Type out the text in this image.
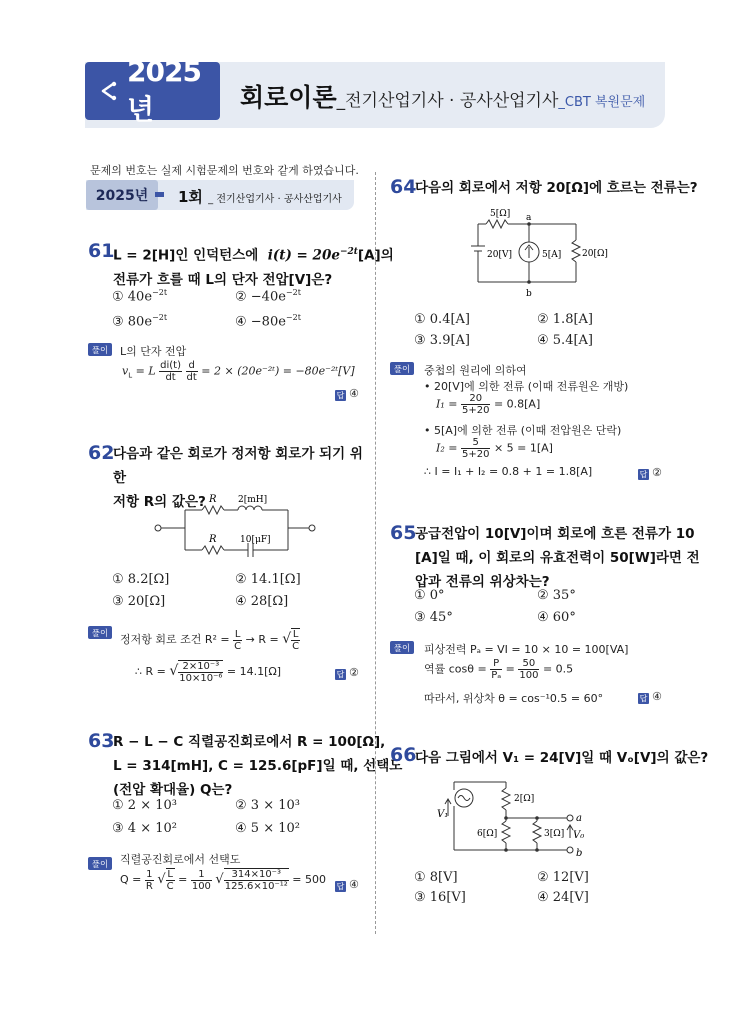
2025년	회로이론_전기산업기사 · 공사산업기사_CBT 복원문제
문제의 번호는 실제 시험문제의 번호와 같게 하였습니다.
2025년	1회 _ 전기산업기사 · 공사산업기사
61
L = 2[H]인 인덕턴스에 $i(t) = 20e^{-2t}[A]$의
전류가 흐를 때 L의 단자 전압[V]은?
① $40e^{-2t}$	② $-40e^{-2t}$
③ $80e^{-2t}$	④ $-80e^{-2t}$
풀이	L의 단자 전압
$v_L = L \frac{di(t)}{dt}$
$\frac{d}{dt} = 2$ × (20e⁻²ᵗ) = −80e⁻²ᵗ[V]
답 ④
62
다음과 같은 회로가 정저항 회로가 되기 위한
저항 R의 값은? R 2[mH]
R	10[μF]
① 8.2[Ω]	② 14.1[Ω]
③ 20[Ω]	④ 28[Ω]
풀이	정저항 회로 조건 $R^2 = \frac{L}{C} \to R$ = √ $\frac{L}{C}$
∴ R = √ $\frac{\text{2×10⁻³}}{\text{10×10⁻⁶}} = 14.1[\Omega]$	답 ②
63
R − L − C 직렬공진회로에서 R = 100[Ω],
L = 314[mH], C = 125.6[pF]일 때, 선택도
(전압 확대율) Q는?
① 2 × 10³	② 3 × 10³
③ 4 × 10²	④ 5 × 10²
풀이	직렬공진회로에서 선택도
$Q = \frac{1}{R}$ √ $\frac{L}{C} = \frac{1}{100}$ √ $\frac{\text{314×10⁻³}}{\text{125.6×10⁻¹²}} = 500$
답 ④
64
다음의 회로에서 저항 20[Ω]에 흐르는 전류는?
5[Ω] a
20[V]	5[A] 20[Ω]
b
① 0.4[A]	② 1.8[A]
③ 3.9[A]	④ 5.4[A]
풀이	중첩의 원리에 의하여
• 20[V]에 의한 전류 (이때 전류원은 개방)
$I_1 = \frac{20}{5+20} = 0.8[A]$
• 5[A]에 의한 전류 (이때 전압원은 단락)
$I_2 = \frac{5}{5+20} \times 5 = 1[A]$
∴ I = I₁ + I₂ = 0.8 + 1 = 1.8[A]	답 ②
65
공급전압이 10[V]이며 회로에 흐른 전류가 10
[A]일 때, 이 회로의 유효전력이 50[W]라면 전
압과 전류의 위상차는?
① 0°	② 35°
③ 45°	④ 60°
풀이	피상전력 Pₐ = VI = 10 × 10 = 100[VA]
역률 $\cos\theta = \frac{P}{\text{Pₐ}} = \frac{50}{100} = 0.5$
따라서, 위상차 θ = cos⁻¹0.5 = 60°	답 ④
66
다음 그림에서 V₁ = 24[V]일 때 Vₒ[V]의 값은?
2[Ω]
V₁
6[Ω]	3[Ω]
a
V₀
b
① 8[V]	② 12[V]
③ 16[V]	④ 24[V]
